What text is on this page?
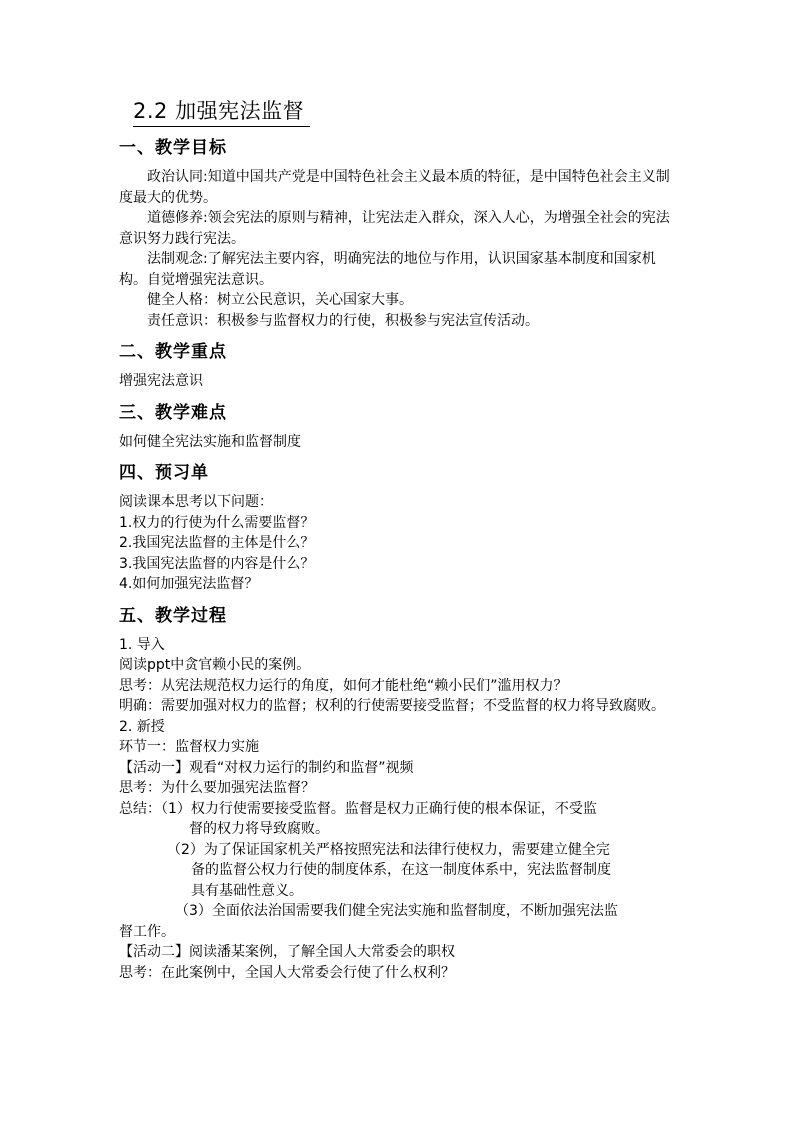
2.2 加强宪法监督
一、教学目标

政治认同:知道中国共产党是中国特色社会主义最本质的特征，是中国特色社会主义制度最大的优势。

道德修养:领会宪法的原则与精神，让宪法走入群众，深入人心，为增强全社会的宪法意识努力践行宪法。

法制观念:了解宪法主要内容，明确宪法的地位与作用，认识国家基本制度和国家机构。自觉增强宪法意识。

健全人格：树立公民意识，关心国家大事。

责任意识：积极参与监督权力的行使，积极参与宪法宣传活动。

二、教学重点

增强宪法意识

三、教学难点

如何健全宪法实施和监督制度

四、预习单

阅读课本思考以下问题：

1.权力的行使为什么需要监督？

2.我国宪法监督的主体是什么？

3.我国宪法监督的内容是什么？

4.如何加强宪法监督？

五、教学过程

1. 导入

阅读ppt中贪官赖小民的案例。

思考：从宪法规范权力运行的角度，如何才能杜绝“赖小民们”滥用权力？

明确：需要加强对权力的监督；权利的行使需要接受监督；不受监督的权力将导致腐败。

2. 新授

环节一：监督权力实施

【活动一】观看“对权力运行的制约和监督”视频

思考：为什么要加强宪法监督？

总结：（1）权力行使需要接受监督。监督是权力正确行使的根本保证，不受监

督的权力将导致腐败。

（2）为了保证国家机关严格按照宪法和法律行使权力，需要建立健全完

备的监督公权力行使的制度体系，在这一制度体系中，宪法监督制度

具有基础性意义。

（3）全面依法治国需要我们健全宪法实施和监督制度，不断加强宪法监

督工作。

【活动二】阅读潘某案例，了解全国人大常委会的职权

思考：在此案例中，全国人大常委会行使了什么权利？
